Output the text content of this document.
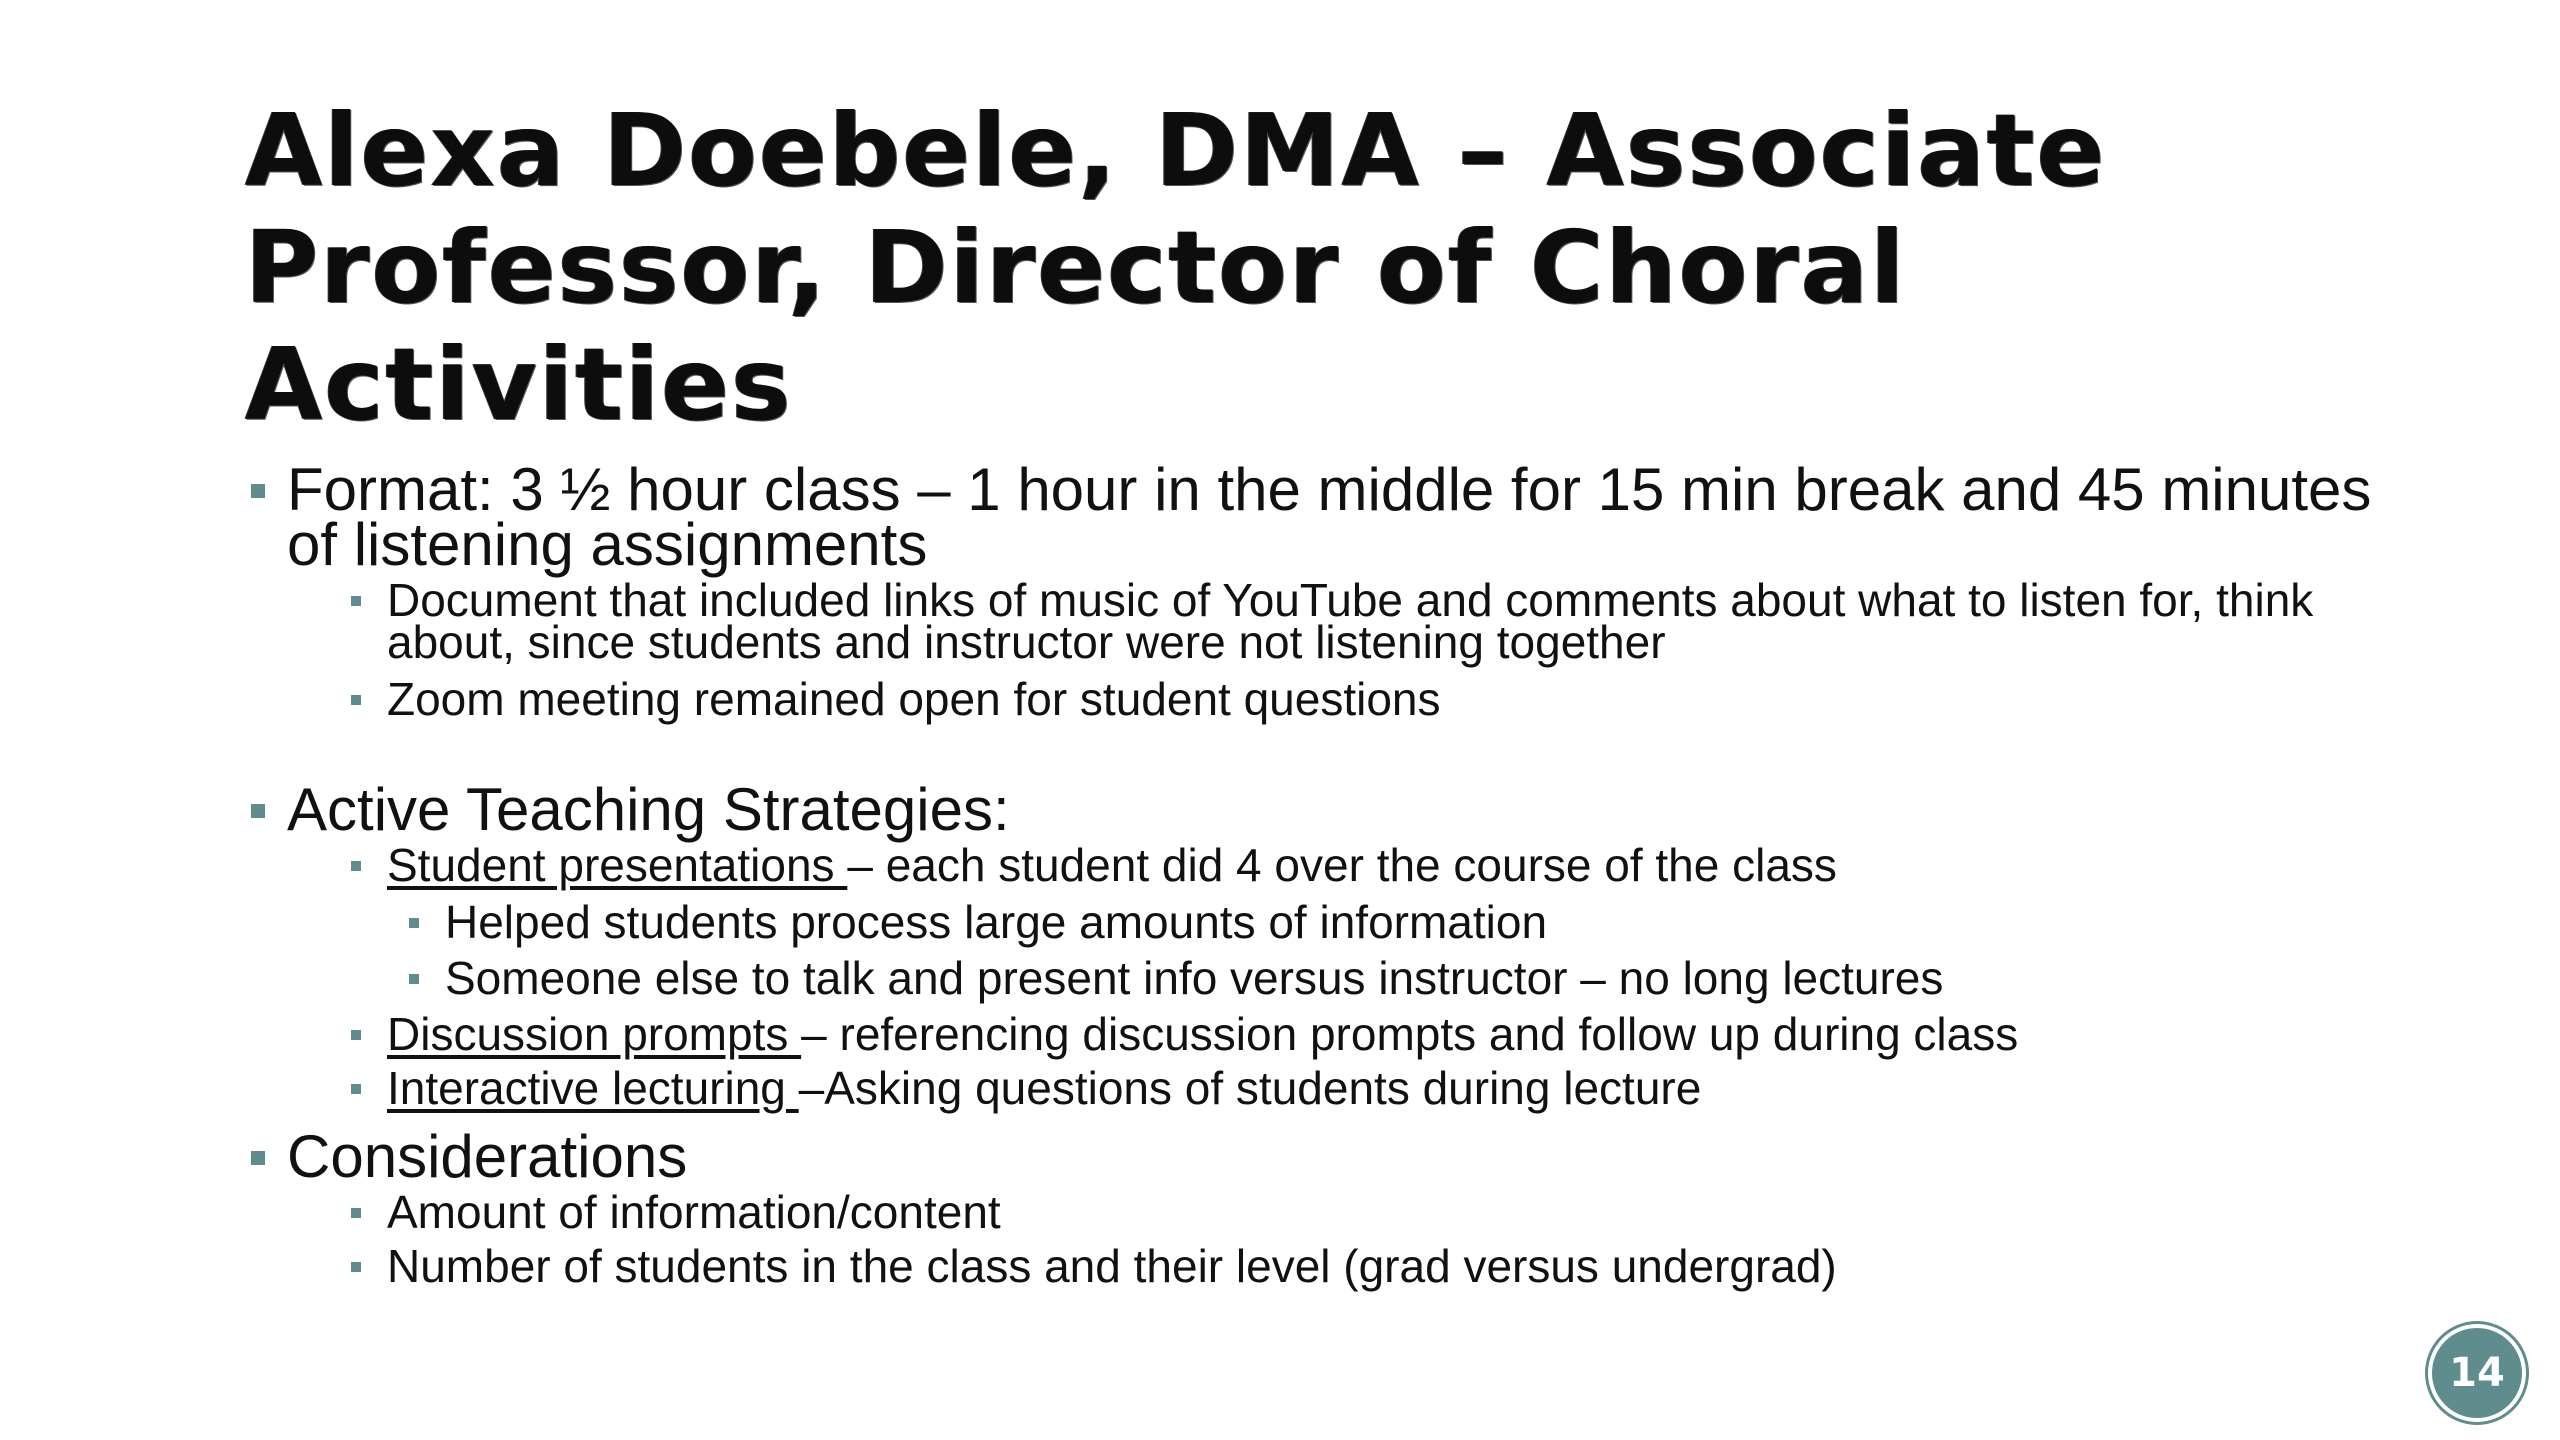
Alexa Doebele, DMA – Associate Professor, Director of Choral Activities
Format: 3 ½ hour class – 1 hour in the middle for 15 min break and 45 minutes of listening assignments
Document that included links of music of YouTube and comments about what to listen for, think about, since students and instructor were not listening together
Zoom meeting remained open for student questions
Active Teaching Strategies:
Student presentations – each student did 4 over the course of the class
Helped students process large amounts of information
Someone else to talk and present info versus instructor – no long lectures
Discussion prompts – referencing discussion prompts and follow up during class
Interactive lecturing –Asking questions of students during lecture
Considerations
Amount of information/content
Number of students in the class and their level (grad versus undergrad)
14
